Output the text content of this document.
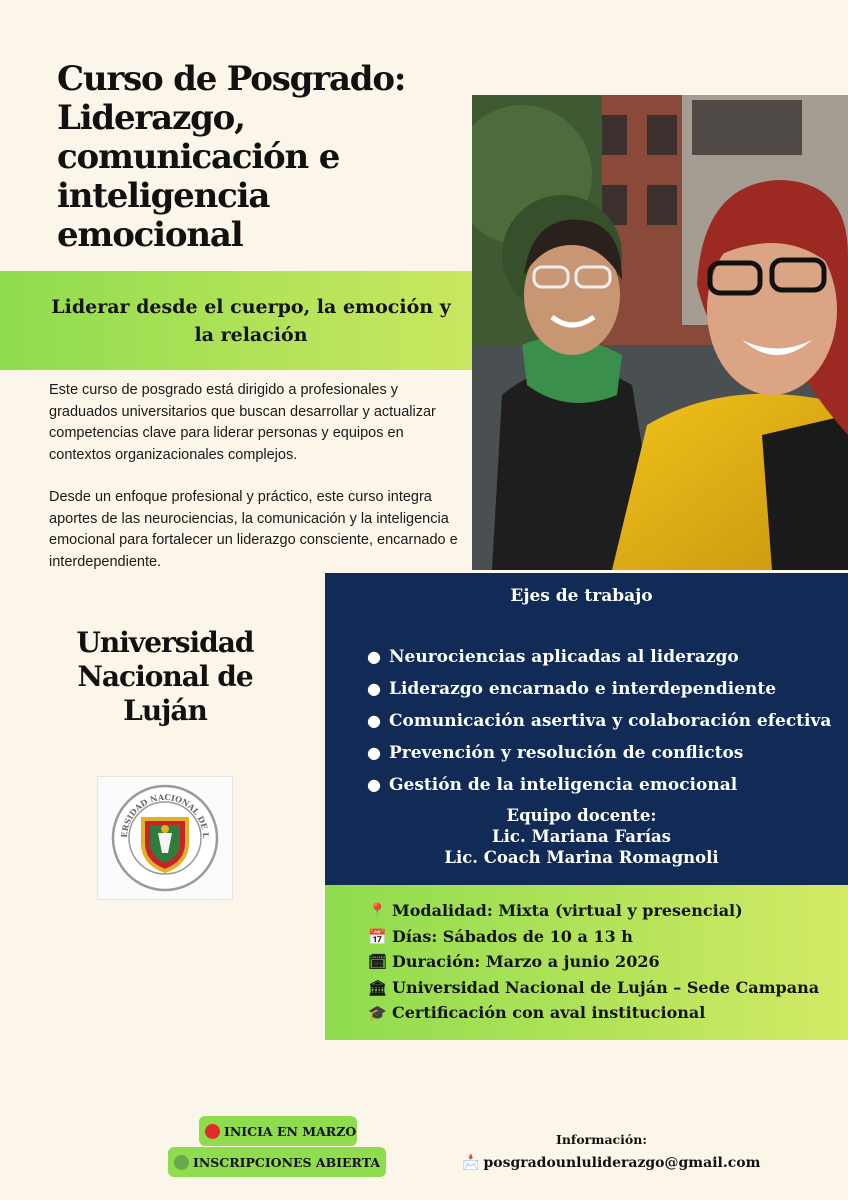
Curso de Posgrado: Liderazgo, comunicación e inteligencia emocional
Liderar desde el cuerpo, la emoción y la relación

Este curso de posgrado está dirigido a profesionales y graduados universitarios que buscan desarrollar y actualizar competencias clave para liderar personas y equipos en contextos organizacionales complejos.

Desde un enfoque profesional y práctico, este curso integra aportes de las neurociencias, la comunicación y la inteligencia emocional para fortalecer un liderazgo consciente, encarnado e interdependiente.

Universidad Nacional de Luján
ERSIDAD NACIONAL DE L
Ejes de trabajo
● Neurociencias aplicadas al liderazgo
● Liderazgo encarnado e interdependiente
● Comunicación asertiva y colaboración efectiva
● Prevención y resolución de conflictos
● Gestión de la inteligencia emocional
Equipo docente:
Lic. Mariana Farías
Lic. Coach Marina Romagnoli
📍 Modalidad: Mixta (virtual y presencial)
📅 Días: Sábados de 10 a 13 h
🗓 Duración: Marzo a junio 2026
🏛 Universidad Nacional de Luján – Sede Campana
🎓 Certificación con aval institucional
INICIA EN MARZO
INSCRIPCIONES ABIERTA
Información:
📩 posgradounluliderazgo@gmail.com
